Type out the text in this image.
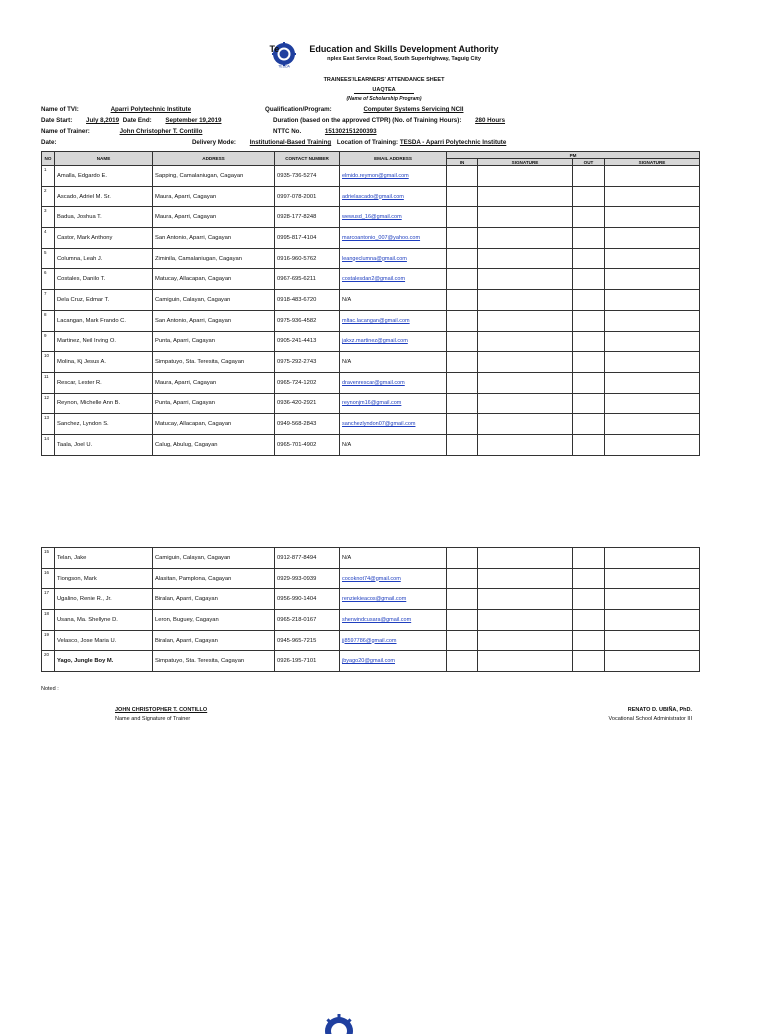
TESDA
Te	Education and Skills Development Authority
nplex East Service Road, South Superhighway, Taguig City
TRAINEES'/LEARNERS' ATTENDANCE SHEET
UAQTEA
(Name of Scholarship Program)
Name of TVI:	Aparri Polytechnic Institute	Qualification/Program:	Computer Systems Servicing NCII
Date Start: July 8,2019 Date End: September 19,2019	Duration (based on the approved CTPR) (No. of Training Hours): 280 Hours
Name of Trainer:	John Christopher T. Contillo	NTTC No.	151302151200393
Date:	Delivery Mode: Institutional-Based Training Location of Training: TESDA - Aparri Polytechnic Institute
NO	NAME	ADDRESS	CONTACT NUMBER	EMAIL ADDRESS	PM			
					IN	SIGNATURE	OUT	SIGNATURE
1	Amalla, Edgardo E.	Sapping, Camalaniugan, Cagayan	0935-736-5274	elmido.reymon@gmail.com				
2	Ascado, Adriel M. Sr.	Maura, Aparri, Cagayan	0997-078-2001	adrielascado@gmail.com				
3	Badua, Joshua T.	Maura, Aparri, Cagayan	0928-177-8248	wewusd_16@gmail.com				
4	Castor, Mark Anthony	San Antonio, Aparri, Cagayan	0995-817-4104	marcoantonio_007@yahoo.com				
5	Columna, Leah J.	Ziminila, Camalaniugan, Cagayan	0916-960-5762	leangeclumna@gmail.com				
6	Costales, Danilo T.	Matucay, Allacapan, Cagayan	0967-695-6211	costalesdan2@gmail.com				
7	Dela Cruz, Edmar T.	Camiguin, Calayan, Cagayan	0918-483-6720	N/A				
8	Lacangan, Mark Frando C.	San Antonio, Aparri, Cagayan	0975-936-4582	mltac.lacangan@gmail.com				
9	Martinez, Neil Irving O.	Punta, Aparri, Cagayan	0905-241-4413	jakxz.martinez@gmail.com				
10	Molina, Kj Jesus A.	Simpatuyo, Sta. Teresita, Cagayan	0975-292-2743	N/A				
11	Rescar, Lester R.	Maura, Aparri, Cagayan	0965-724-1202	dravenrescar@gmail.com				
12	Reynon, Michelle Ann B.	Punta, Aparri, Cagayan	0936-420-2921	reynonjm16@gmail.com				
13	Sanchez, Lyndon S.	Matucay, Allacapan, Cagayan	0949-568-2843	sanchezlyndon07@gmail.com				
14	Taala, Joel U.	Calug, Abulug, Cagayan	0965-701-4902	N/A				
15	Telan, Jake	Camiguin, Calayan, Cagayan	0912-877-8494	N/A				
16	Tiongson, Mark	Alasitan, Pamplona, Cagayan	0929-993-0939	cocoknot74@gmail.com				
17	Ugalino, Renie R., Jr.	Biralan, Aparri, Cagayan	0956-990-1404	renziekieacos@gmail.com				
18	Usana, Ma. Shellyne D.	Leron, Buguey, Cagayan	0965-218-0167	sherwindcusara@gmail.com				
19	Velasco, Jose Maria U.	Biralan, Aparri, Cagayan	0945-965-7215	jj8597786@gmail.com				
20	Yago, Jungle Boy M.	Simpatuyo, Sta. Teresita, Cagayan	0926-195-7101	jbyago20@gmail.com				
Noted :
JOHN CHRISTOPHER T. CONTILLO
Name and Signature of Trainer
RENATO D. UBIÑA, PhD.
Vocational School Administrator III
